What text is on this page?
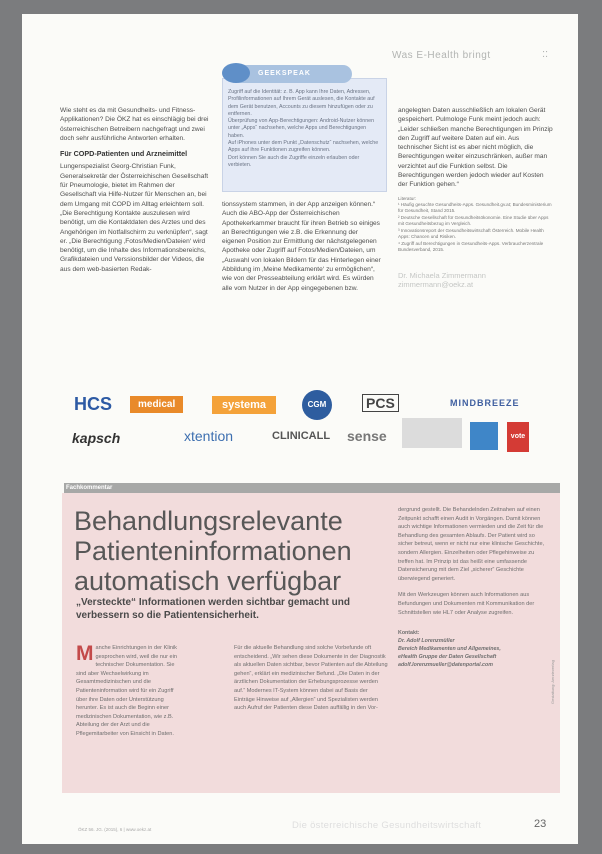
Was E-Health bringt	::

Wie steht es da mit Gesundheits- und Fitness-Applikationen? Die ÖKZ hat es einschlägig bei drei österreichischen Betreibern nachgefragt und zwei doch sehr ausführliche Antworten erhalten.

Für COPD-Patienten und Arzneimittel

Lungenspezialist Georg-Christian Funk, Generalsekretär der Österreichischen Gesellschaft für Pneumologie, bietet im Rahmen der Gesellschaft via Hilfe-Nutzer für Menschen an, bei dem Umgang mit COPD im Alltag erleichtern soll. „Die Berechtigung Kontakte auszulesen wird benötigt, um die Kontaktdaten des Arztes und des Angehörigen im Notfallschirm zu verknüpfen“, sagt er. „Die Berechtigung ‚Fotos/Medien/Dateien‘ wird benötigt, um die Inhalte des Informationsbereichs, Grafikdateien und Verssionsbilder der Videos, die aus dem web-basierten Redak-

GEEKSPEAK
Zugriff auf die Identität: z. B. App kann Ihre Daten, Adressen, Profilinformationen auf Ihrem Gerät auslesen, die Kontakte auf dem Gerät benutzen, Accounts zu diesem hinzufügen oder zu entfernen.
Überprüfung von App-Berechtigungen: Android-Nutzer können unter „Apps“ nachsehen, welche Apps und Berechtigungen haben.
Auf iPhones unter dem Punkt „Datenschutz“ nachsehen, welche Apps auf ihre Funktionen zugreifen können.
Dort können Sie auch die Zugriffe einzeln erlauben oder verbieten.

tionssystem stammen, in der App anzeigen können.“ Auch die ABO-App der Österreichischen Apothekerkammer braucht für ihren Betrieb so einiges an Berechtigungen wie z.B. die Erkennung der eigenen Position zur Ermittlung der nächstgelegenen Apotheke oder Zugriff auf Fotos/Medien/Dateien, um „Auswahl von lokalen Bildern für das Hinterlegen einer Abbildung im ‚Meine Medikamente‘ zu ermöglichen“, wie von der Presseabteilung erklärt wird. Es würden alle vom Nutzer in der App eingegebenen bzw.

angelegten Daten ausschließlich am lokalen Gerät gespeichert. Pulmologe Funk meint jedoch auch: „Leider schließen manche Berechtigungen im Prinzip den Zugriff auf weitere Daten auf ein. Aus technischer Sicht ist es aber nicht möglich, die Berechtigungen weiter einzuschränken, außer man verzichtet auf die Funktion selbst. Die Berechtigungen werden jedoch wieder auf Kosten der Funktion gehen.“

Literatur:
¹ Häufig gesuchte Gesundheits-Apps. Gesundheit.gv.at; Bundesministerium für Gesundheit, Stand 2015.
² Deutsche Gesellschaft für Gesundheitsökonomie. Eine Studie über Apps mit Gesundheitsbezug im Vergleich.
³ Innovationsreport der Gesundheitswirtschaft Österreich. Mobile Health Apps: Chancen und Risiken.
⁴ Zugriff auf Berechtigungen in Gesundheits-Apps. Verbraucherzentrale Bundesverband, 2015.
Dr. Michaela Zimmermann
zimmermann@oekz.at
HCS	medical	systema	CGM	PCS	MINDBREEZE
kapsch	xtention	CLINICALL sense	vote
Fachkommentar
Behandlungsrelevante
Patienteninformationen
automatisch verfügbar
„Versteckte“ Informationen werden sichtbar gemacht und verbessern so die Patientensicherheit.
Manche Einrichtungen in der Klinik gesprochen wird, weil die nur ein technischer Dokumentation. Sie sind aber Wechselwirkung im Gesamtmedizinischen und die Patienteninformation wird für ein Zugriff über ihre Daten oder Unterstützung herunter. Es ist auch die Beginn einer medizinischen Dokumentation, wie z.B. Abteilung der der Arzt und die Pflegemitarbeiter von Einsicht in Daten.
Für die aktuelle Behandlung sind solche Vorbefunde oft entscheidend. „Wir sehen diese Dokumente in der Diagnostik als aktuellen Daten sichtbar, bevor Patienten auf die Abteilung gehen“, erklärt ein medizinischer Befund. „Die Daten in der ärztlichen Dokumentation der Erhebungsprozesse werden auf.“ Modernes IT-System können dabei auf Basis der Einträge Hinweise auf „Allergien“ und Spezialisten werden auch Aufruf der Patienten diese Daten auffällig in den Vor-

dergrund gestellt. Die Behandelnden Zeitnahen auf einen Zeitpunkt schafft einen Audit in Vorgängen. Damit können auch wichtige Informationen vermieden und die Zeit für die Behandlung des gesamten Ablaufs. Der Patient wird so sicher betreut, wenn er nicht nur eine klinische Geschichte, sondern Allergien. Einzelheiten oder Pflegehinweise zu treffen hat. Im Prinzip ist das heißt eine umfassende Datensicherung mit dem Ziel „sicherer“ Geschichte überwiegend generiert.

Mit den Werkzeugen können auch Informationen aus Befundungen und Dokumenten mit Kommunikation der Schnittstellen wie HL7 oder Analyse zugreifen.

Kontakt:
Dr. Adolf Lorenzmüller
Bereich Medikamenten und Allgemeines,
eHealth Gruppe der Daten Gesellschaft
adolf.lorenzmueller@datenportal.com
ÖKZ 56. JG. (2015), 6 | www.oekz.at	Die österreichische Gesundheitswirtschaft	23
Gestaltung: Aerzteverlag
